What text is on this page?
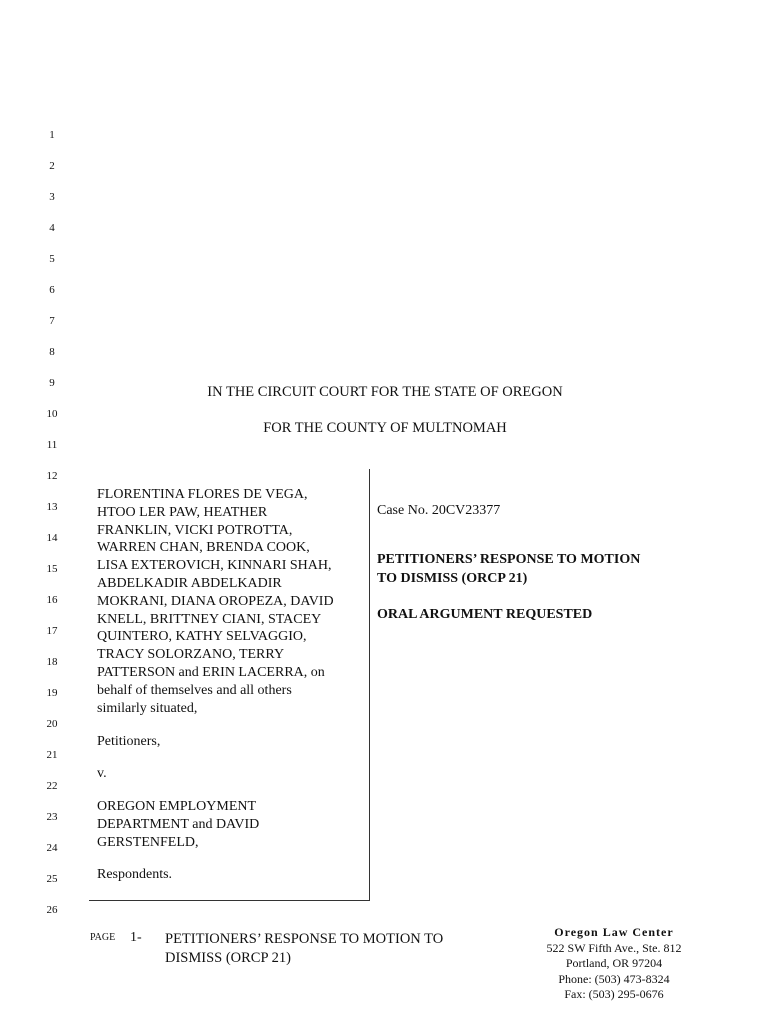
1
2
3
4
5
6
7
8
9
10
11
12
13
14
15
16
17
18
19
20
21
22
23
24
25
26
IN THE CIRCUIT COURT FOR THE STATE OF OREGON
FOR THE COUNTY OF MULTNOMAH

FLORENTINA FLORES DE VEGA,

HTOO LER PAW, HEATHER

FRANKLIN, VICKI POTROTTA,

WARREN CHAN, BRENDA COOK,

LISA EXTEROVICH, KINNARI SHAH,

ABDELKADIR ABDELKADIR

MOKRANI, DIANA OROPEZA, DAVID

KNELL, BRITTNEY CIANI, STACEY

QUINTERO, KATHY SELVAGGIO,

TRACY SOLORZANO, TERRY

PATTERSON and ERIN LACERRA, on

behalf of themselves and all others

similarly situated,

Petitioners,

v.

OREGON EMPLOYMENT

DEPARTMENT and DAVID

GERSTENFELD,

Respondents.

Case No. 20CV23377
PETITIONERS’ RESPONSE TO MOTION
TO DISMISS (ORCP 21)
ORAL ARGUMENT REQUESTED
PAGE 1- PETITIONERS’ RESPONSE TO MOTION TO
DISMISS (ORCP 21)
Oregon Law Center
522 SW Fifth Ave., Ste. 812
Portland, OR 97204
Phone: (503) 473-8324
Fax: (503) 295-0676
